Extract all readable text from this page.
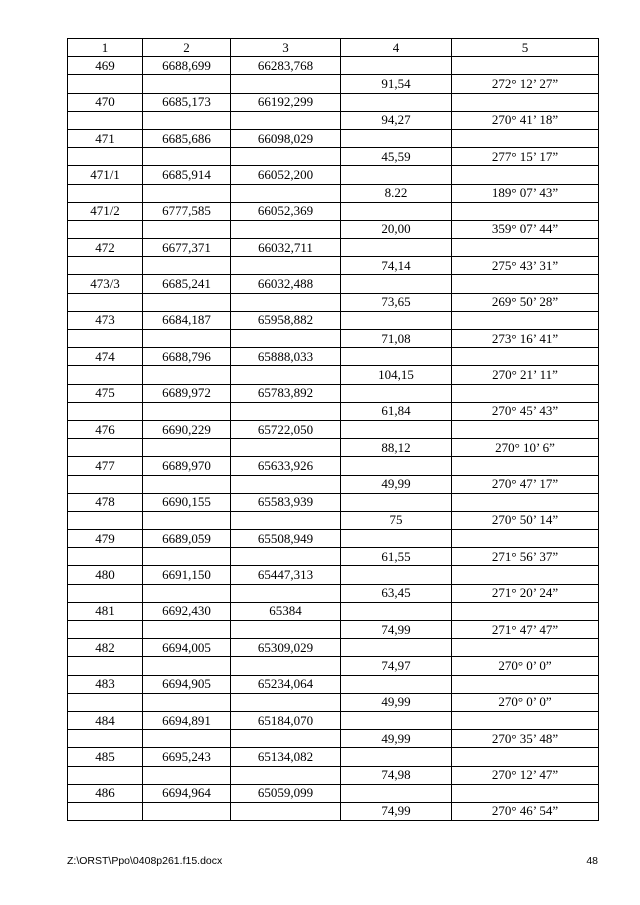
1	2	3	4	5
469	6688,699	66283,768		
			91,54	272° 12’ 27”
470	6685,173	66192,299		
			94,27	270° 41’ 18”
471	6685,686	66098,029		
			45,59	277° 15’ 17”
471/1	6685,914	66052,200		
			8.22	189° 07’ 43”
471/2	6777,585	66052,369		
			20,00	359° 07’ 44”
472	6677,371	66032,711		
			74,14	275° 43’ 31”
473/3	6685,241	66032,488		
			73,65	269° 50’ 28”
473	6684,187	65958,882		
			71,08	273° 16’ 41”
474	6688,796	65888,033		
			104,15	270° 21’ 11”
475	6689,972	65783,892		
			61,84	270° 45’ 43”
476	6690,229	65722,050		
			88,12	270° 10’ 6”
477	6689,970	65633,926		
			49,99	270° 47’ 17”
478	6690,155	65583,939		
			75	270° 50’ 14”
479	6689,059	65508,949		
			61,55	271° 56’ 37”
480	6691,150	65447,313		
			63,45	271° 20’ 24”
481	6692,430	65384		
			74,99	271° 47’ 47”
482	6694,005	65309,029		
			74,97	270° 0’ 0”
483	6694,905	65234,064		
			49,99	270° 0’ 0”
484	6694,891	65184,070		
			49,99	270° 35’ 48”
485	6695,243	65134,082		
			74,98	270° 12’ 47”
486	6694,964	65059,099		
			74,99	270° 46’ 54”
Z:\ORST\Ppo\0408p261.f15.docx	48
